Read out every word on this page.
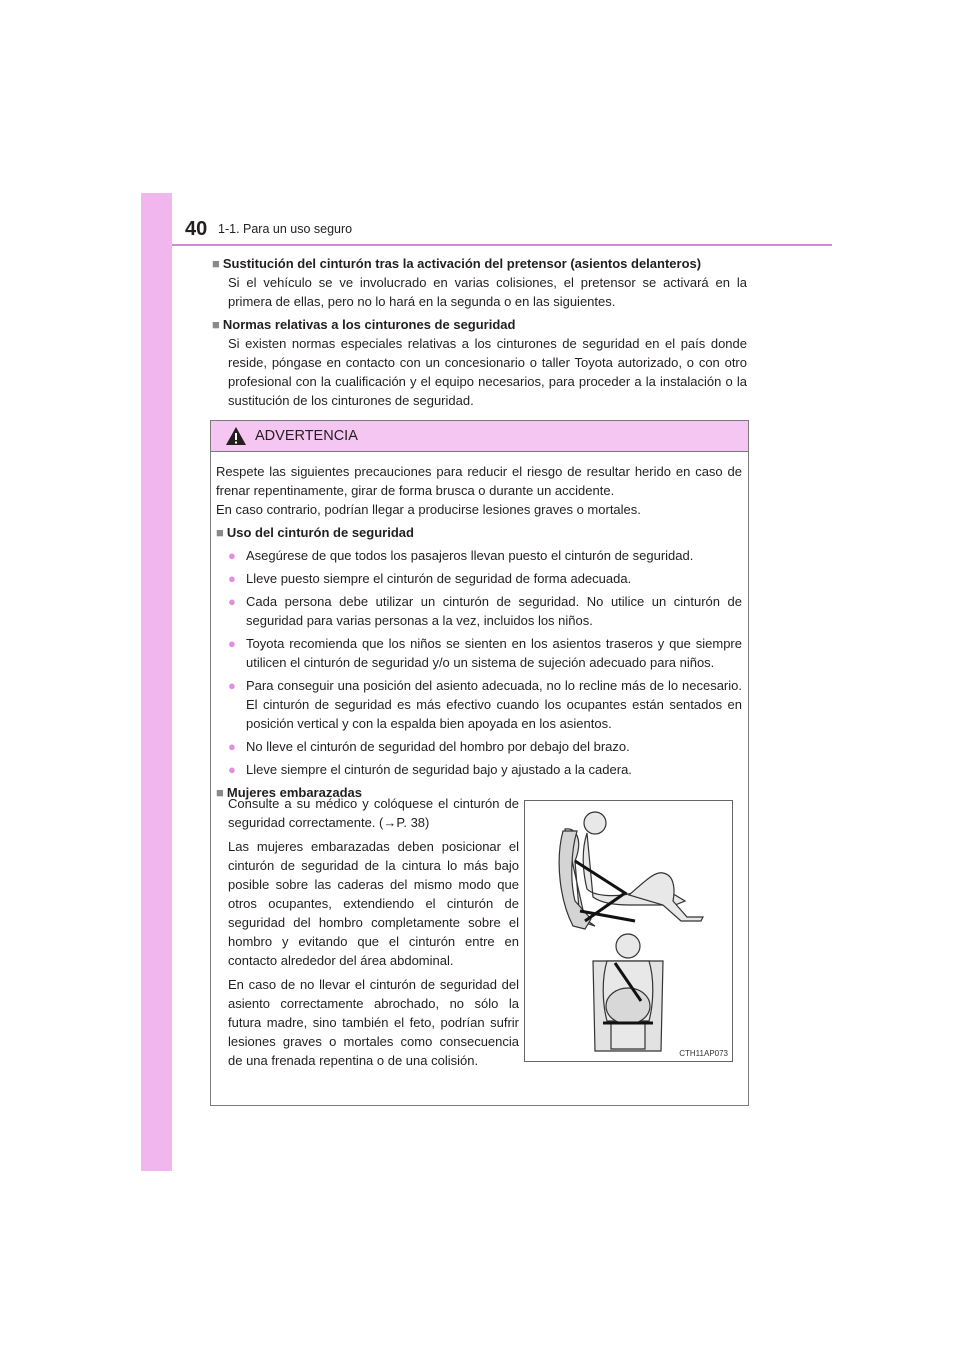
40 1-1. Para un uso seguro

■ Sustitución del cinturón tras la activación del pretensor (asientos delanteros)

Si el vehículo se ve involucrado en varias colisiones, el pretensor se activará en la primera de ellas, pero no lo hará en la segunda o en las siguientes.

■ Normas relativas a los cinturones de seguridad

Si existen normas especiales relativas a los cinturones de seguridad en el país donde reside, póngase en contacto con un concesionario o taller Toyota autorizado, o con otro profesional con la cualificación y el equipo necesarios, para proceder a la instalación o la sustitución de los cinturones de seguridad.

ADVERTENCIA

Respete las siguientes precauciones para reducir el riesgo de resultar herido en caso de frenar repentinamente, girar de forma brusca o durante un accidente.

En caso contrario, podrían llegar a producirse lesiones graves o mortales.

■ Uso del cinturón de seguridad

● Asegúrese de que todos los pasajeros llevan puesto el cinturón de seguridad.
● Lleve puesto siempre el cinturón de seguridad de forma adecuada.
● Cada persona debe utilizar un cinturón de seguridad. No utilice un cinturón de seguridad para varias personas a la vez, incluidos los niños.
● Toyota recomienda que los niños se sienten en los asientos traseros y que siempre utilicen el cinturón de seguridad y/o un sistema de sujeción adecuado para niños.
● Para conseguir una posición del asiento adecuada, no lo recline más de lo necesario. El cinturón de seguridad es más efectivo cuando los ocupantes están sentados en posición vertical y con la espalda bien apoyada en los asientos.
● No lleve el cinturón de seguridad del hombro por debajo del brazo.
● Lleve siempre el cinturón de seguridad bajo y ajustado a la cadera.

■ Mujeres embarazadas

Consulte a su médico y colóquese el cinturón de seguridad correctamente. (→P. 38)

Las mujeres embarazadas deben posicionar el cinturón de seguridad de la cintura lo más bajo posible sobre las caderas del mismo modo que otros ocupantes, extendiendo el cinturón de seguridad del hombro completamente sobre el hombro y evitando que el cinturón entre en contacto alrededor del área abdominal.

En caso de no llevar el cinturón de seguridad del asiento correctamente abrochado, no sólo la futura madre, sino también el feto, podrían sufrir lesiones graves o mortales como consecuencia de una frenada repentina o de una colisión.	CTH11AP073
